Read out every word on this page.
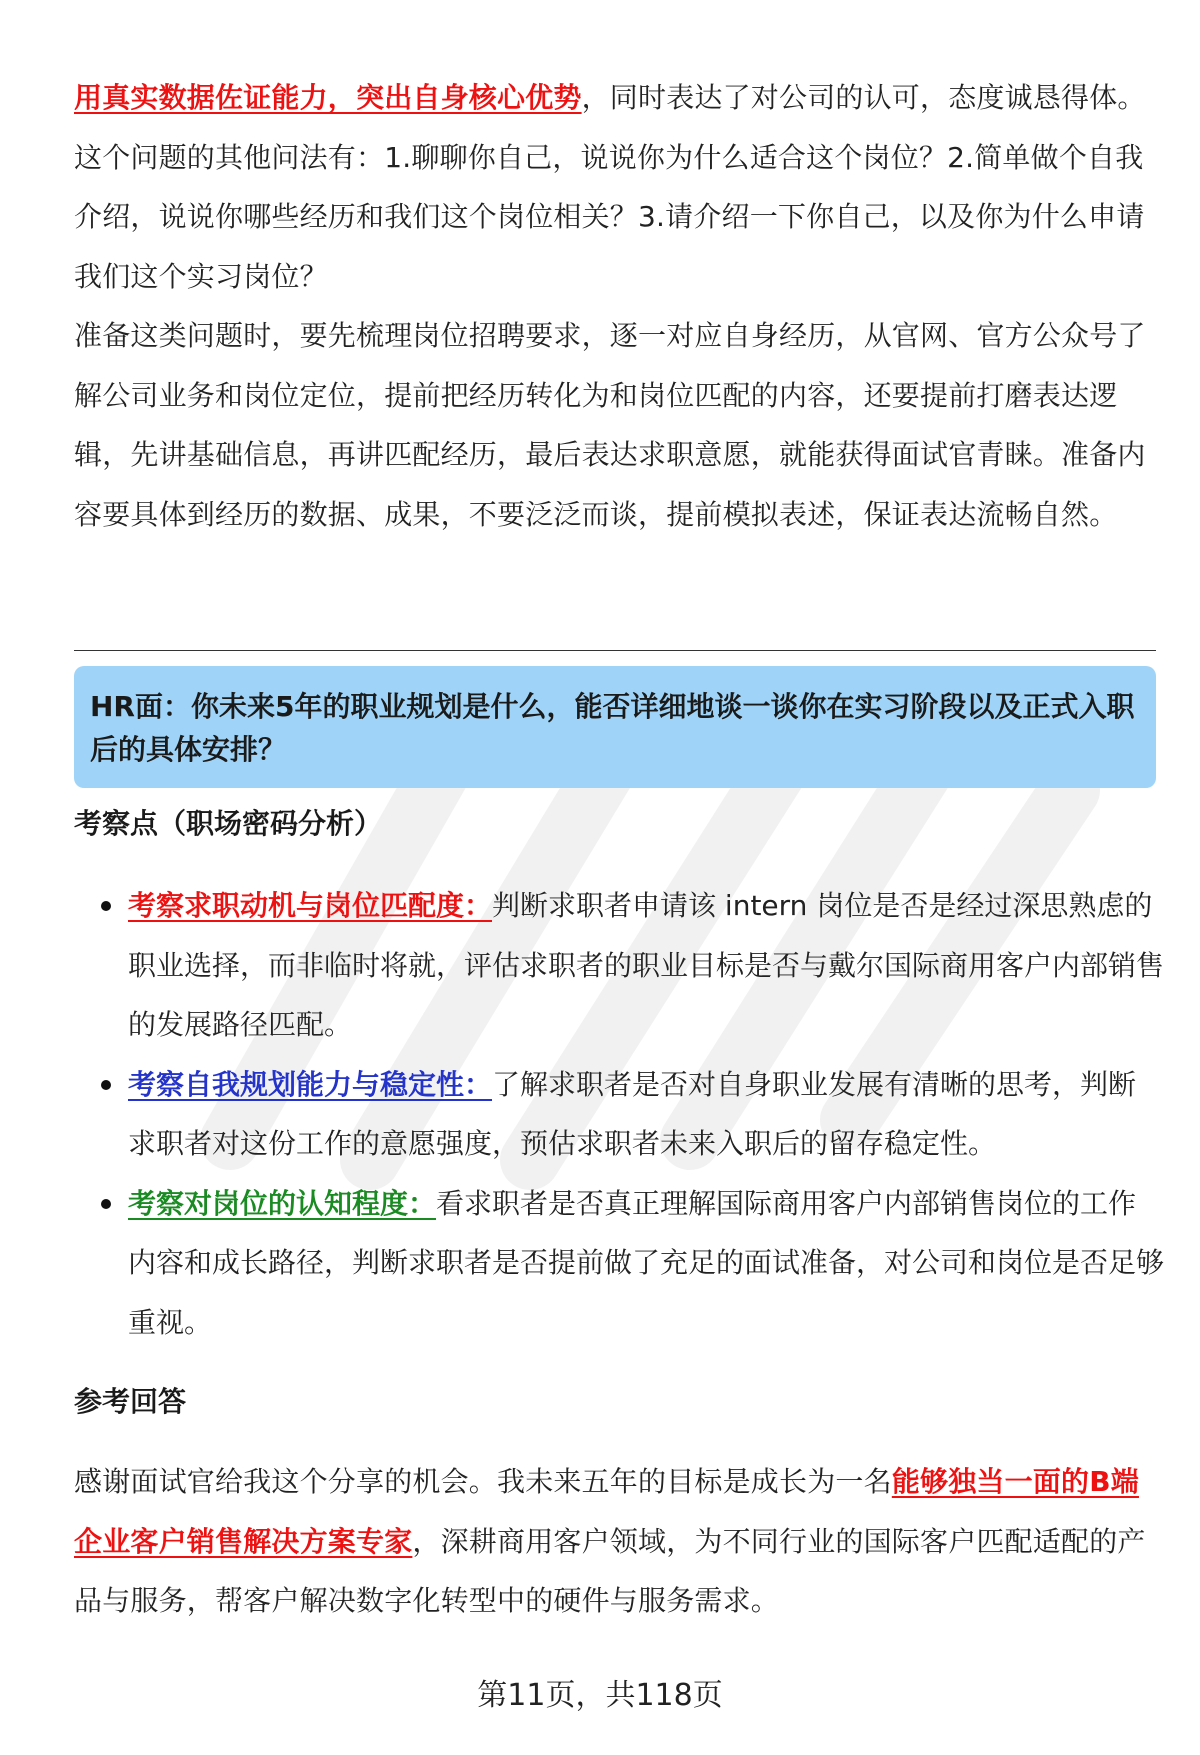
用真实数据佐证能力，突出自身核心优势，同时表达了对公司的认可，态度诚恳得体。这个问题的其他问法有：1.聊聊你自己，说说你为什么适合这个岗位？2.简单做个自我介绍，说说你哪些经历和我们这个岗位相关？3.请介绍一下你自己，以及你为什么申请我们这个实习岗位？

准备这类问题时，要先梳理岗位招聘要求，逐一对应自身经历，从官网、官方公众号了解公司业务和岗位定位，提前把经历转化为和岗位匹配的内容，还要提前打磨表达逻辑，先讲基础信息，再讲匹配经历，最后表达求职意愿，就能获得面试官青睐。准备内容要具体到经历的数据、成果，不要泛泛而谈，提前模拟表述，保证表达流畅自然。

HR面：你未来5年的职业规划是什么，能否详细地谈一谈你在实习阶段以及正式入职后的具体安排？

考察点（职场密码分析）

考察求职动机与岗位匹配度：判断求职者申请该 intern 岗位是否是经过深思熟虑的职业选择，而非临时将就，评估求职者的职业目标是否与戴尔国际商用客户内部销售的发展路径匹配。
考察自我规划能力与稳定性：了解求职者是否对自身职业发展有清晰的思考，判断求职者对这份工作的意愿强度，预估求职者未来入职后的留存稳定性。
考察对岗位的认知程度：看求职者是否真正理解国际商用客户内部销售岗位的工作内容和成长路径，判断求职者是否提前做了充足的面试准备，对公司和岗位是否足够重视。

参考回答

感谢面试官给我这个分享的机会。我未来五年的目标是成长为一名能够独当一面的B端企业客户销售解决方案专家，深耕商用客户领域，为不同行业的国际客户匹配适配的产品与服务，帮客户解决数字化转型中的硬件与服务需求。

第11页，共118页
